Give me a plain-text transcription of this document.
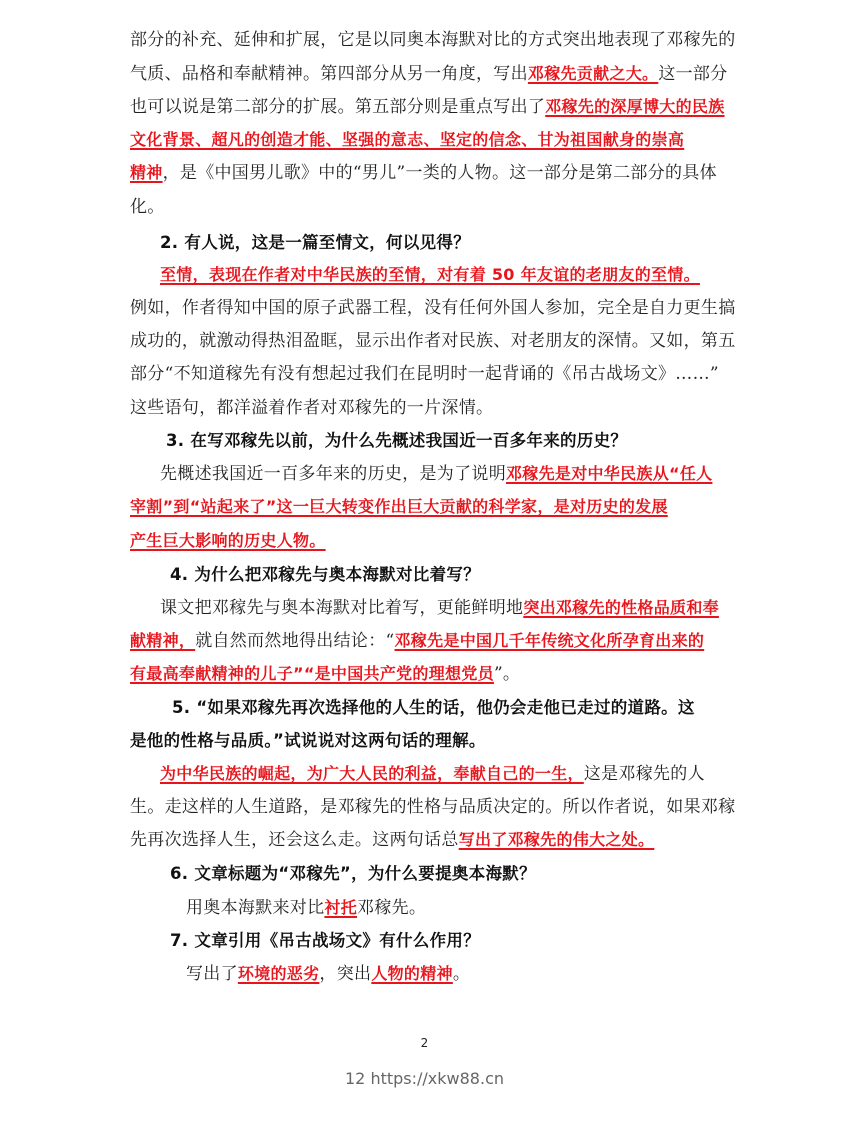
部分的补充、延伸和扩展，它是以同奥本海默对比的方式突出地表现了邓稼先的
气质、品格和奉献精神。第四部分从另一角度，写出邓稼先贡献之大。这一部分
也可以说是第二部分的扩展。第五部分则是重点写出了邓稼先的深厚博大的民族
文化背景、超凡的创造才能、坚强的意志、坚定的信念、甘为祖国献身的崇高
精神，是《中国男儿歌》中的“男儿”一类的人物。这一部分是第二部分的具体
化。
2. 有人说，这是一篇至情文，何以见得？
至情，表现在作者对中华民族的至情，对有着 50 年友谊的老朋友的至情。
例如，作者得知中国的原子武器工程，没有任何外国人参加，完全是自力更生搞
成功的，就激动得热泪盈眶，显示出作者对民族、对老朋友的深情。又如，第五
部分“不知道稼先有没有想起过我们在昆明时一起背诵的《吊古战场文》……”
这些语句，都洋溢着作者对邓稼先的一片深情。
3. 在写邓稼先以前，为什么先概述我国近一百多年来的历史？
先概述我国近一百多年来的历史，是为了说明邓稼先是对中华民族从“任人
宰割”到“站起来了”这一巨大转变作出巨大贡献的科学家，是对历史的发展
产生巨大影响的历史人物。
4. 为什么把邓稼先与奥本海默对比着写？
课文把邓稼先与奥本海默对比着写，更能鲜明地突出邓稼先的性格品质和奉
献精神，就自然而然地得出结论：“邓稼先是中国几千年传统文化所孕育出来的
有最高奉献精神的儿子”“是中国共产党的理想党员”。
5. “如果邓稼先再次选择他的人生的话，他仍会走他已走过的道路。这
是他的性格与品质。”试说说对这两句话的理解。
为中华民族的崛起，为广大人民的利益，奉献自己的一生，这是邓稼先的人
生。走这样的人生道路，是邓稼先的性格与品质决定的。所以作者说，如果邓稼
先再次选择人生，还会这么走。这两句话总写出了邓稼先的伟大之处。
6. 文章标题为“邓稼先”，为什么要提奥本海默？
用奥本海默来对比衬托邓稼先。
7. 文章引用《吊古战场文》有什么作用？
写出了环境的恶劣，突出人物的精神。
2
12 https://xkw88.cn
